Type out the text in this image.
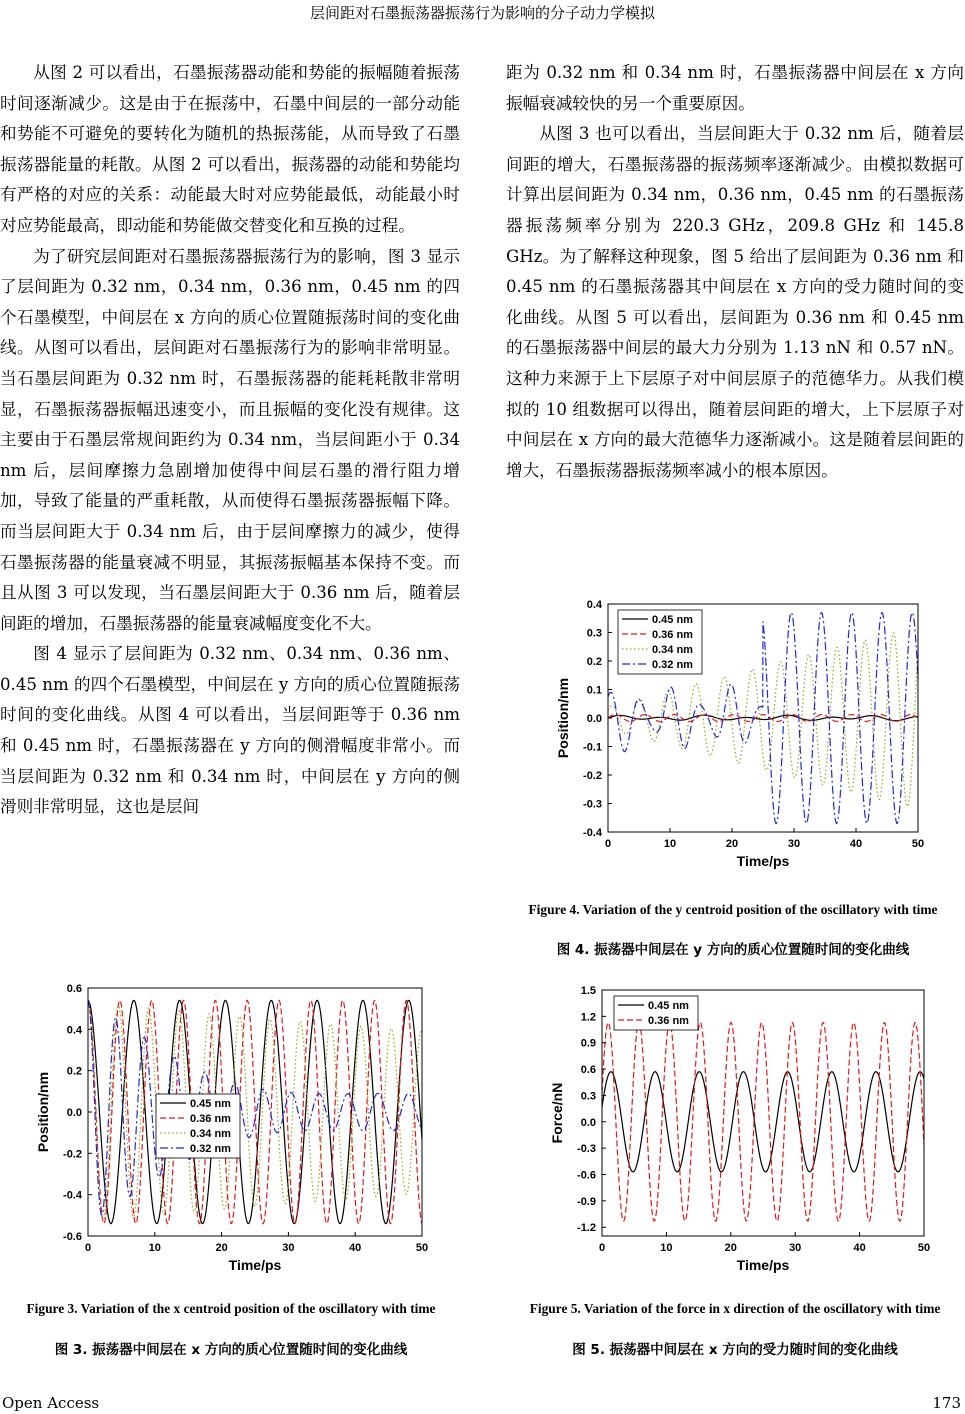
层间距对石墨振荡器振荡行为影响的分子动力学模拟

从图 2 可以看出，石墨振荡器动能和势能的振幅随着振荡时间逐渐减少。这是由于在振荡中，石墨中间层的一部分动能和势能不可避免的要转化为随机的热振荡能，从而导致了石墨振荡器能量的耗散。从图 2 可以看出，振荡器的动能和势能均有严格的对应的关系：动能最大时对应势能最低，动能最小时对应势能最高，即动能和势能做交替变化和互换的过程。

为了研究层间距对石墨振荡器振荡行为的影响，图 3 显示了层间距为 0.32 nm，0.34 nm，0.36 nm，0.45 nm 的四个石墨模型，中间层在 x 方向的质心位置随振荡时间的变化曲线。从图可以看出，层间距对石墨振荡行为的影响非常明显。当石墨层间距为 0.32 nm 时，石墨振荡器的能耗耗散非常明显，石墨振荡器振幅迅速变小，而且振幅的变化没有规律。这主要由于石墨层常规间距约为 0.34 nm，当层间距小于 0.34 nm 后，层间摩擦力急剧增加使得中间层石墨的滑行阻力增加，导致了能量的严重耗散，从而使得石墨振荡器振幅下降。而当层间距大于 0.34 nm 后，由于层间摩擦力的减少，使得石墨振荡器的能量衰减不明显，其振荡振幅基本保持不变。而且从图 3 可以发现，当石墨层间距大于 0.36 nm 后，随着层间距的增加，石墨振荡器的能量衰减幅度变化不大。

图 4 显示了层间距为 0.32 nm、0.34 nm、0.36 nm、0.45 nm 的四个石墨模型，中间层在 y 方向的质心位置随振荡时间的变化曲线。从图 4 可以看出，当层间距等于 0.36 nm 和 0.45 nm 时，石墨振荡器在 y 方向的侧滑幅度非常小。而当层间距为 0.32 nm 和 0.34 nm 时，中间层在 y 方向的侧滑则非常明显，这也是层间

距为 0.32 nm 和 0.34 nm 时，石墨振荡器中间层在 x 方向振幅衰减较快的另一个重要原因。

从图 3 也可以看出，当层间距大于 0.32 nm 后，随着层间距的增大，石墨振荡器的振荡频率逐渐减少。由模拟数据可计算出层间距为 0.34 nm，0.36 nm，0.45 nm 的石墨振荡器振荡频率分别为 220.3 GHz，209.8 GHz 和 145.8 GHz。为了解释这种现象，图 5 给出了层间距为 0.36 nm 和 0.45 nm 的石墨振荡器其中间层在 x 方向的受力随时间的变化曲线。从图 5 可以看出，层间距为 0.36 nm 和 0.45 nm 的石墨振荡器中间层的最大力分别为 1.13 nN 和 0.57 nN。这种力来源于上下层原子对中间层原子的范德华力。从我们模拟的 10 组数据可以得出，随着层间距的增大，上下层原子对中间层在 x 方向的最大范德华力逐渐减小。这是随着层间距的增大，石墨振荡器振荡频率减小的根本原因。

0	10	20	30	40	50
-0.4
-0.3
-0.2
-0.1
0.0
0.1
0.2
0.3
0.4
Time/ps
Position/nm
0.45 nm
0.36 nm
0.34 nm
0.32 nm
Figure 4. Variation of the y centroid position of the oscillatory with time
图 4. 振荡器中间层在 y 方向的质心位置随时间的变化曲线
0	10	20	30	40	50
-0.6
-0.4
-0.2
0.0
0.2
0.4
0.6
Time/ps
Position/nm	0.45 nm
0.36 nm
0.34 nm
0.32 nm
Figure 3. Variation of the x centroid position of the oscillatory with time
图 3. 振荡器中间层在 x 方向的质心位置随时间的变化曲线
0	10	20	30	40	50
-1.2
-0.9
-0.6
-0.3
0.0
0.3
0.6
0.9
1.2
1.5
Time/ps
Force/nN
0.45 nm
0.36 nm
Figure 5. Variation of the force in x direction of the oscillatory with time
图 5. 振荡器中间层在 x 方向的受力随时间的变化曲线
Open Access	173
